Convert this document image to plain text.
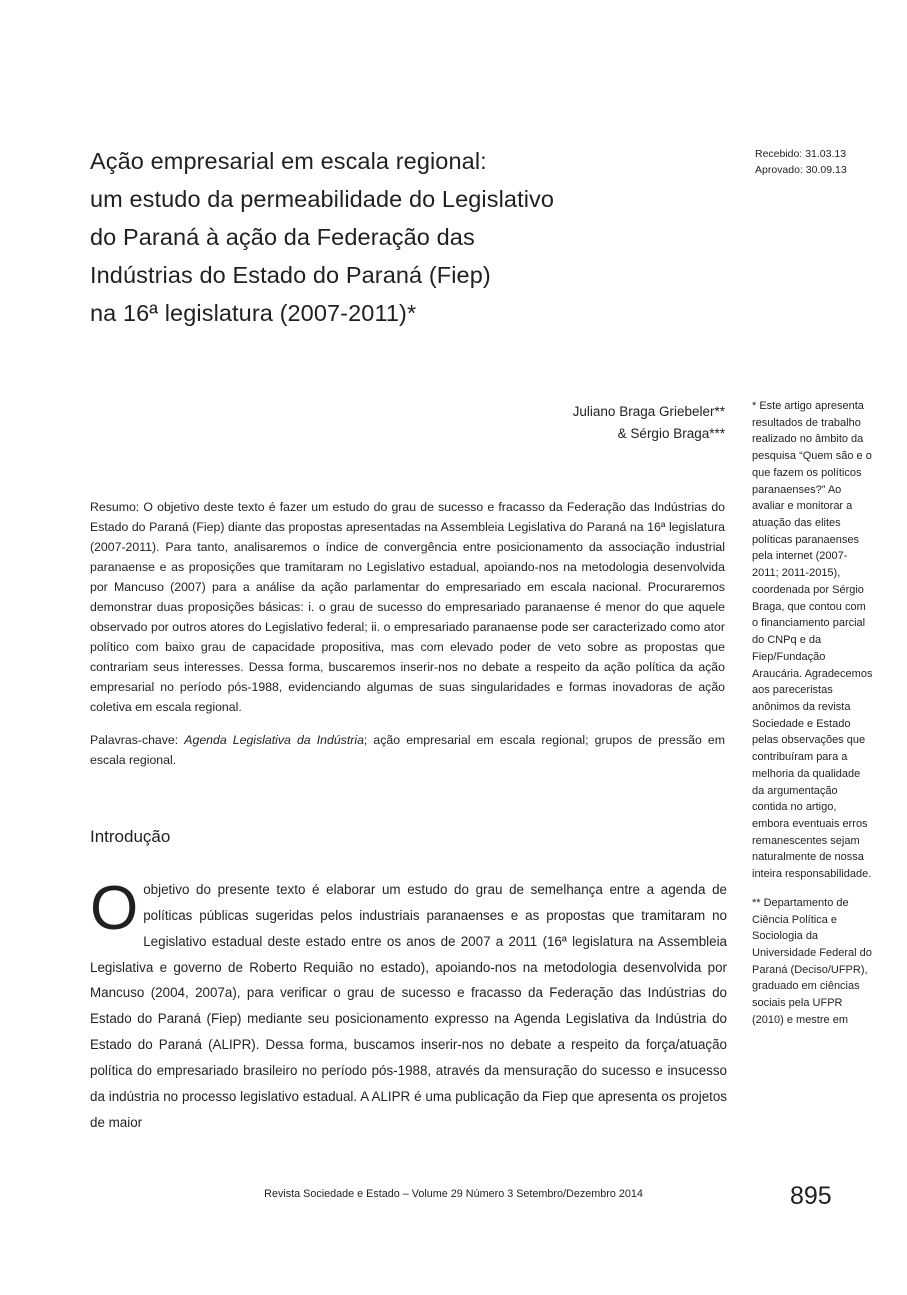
Recebido: 31.03.13
Aprovado: 30.09.13
Ação empresarial em escala regional:
um estudo da permeabilidade do Legislativo
do Paraná à ação da Federação das
Indústrias do Estado do Paraná (Fiep)
na 16ª legislatura (2007-2011)*
Juliano Braga Griebeler**
& Sérgio Braga***

Resumo: O objetivo deste texto é fazer um estudo do grau de sucesso e fracasso da Federação das Indústrias do Estado do Paraná (Fiep) diante das propostas apresentadas na Assembleia Legislativa do Paraná na 16ª legislatura (2007-2011). Para tanto, analisaremos o índice de convergência entre posicionamento da associação industrial paranaense e as proposições que tramitaram no Legislativo estadual, apoiando-nos na metodologia desenvolvida por Mancuso (2007) para a análise da ação parlamentar do empresariado em escala nacional. Procuraremos demonstrar duas proposições básicas: i. o grau de sucesso do empresariado paranaense é menor do que aquele observado por outros atores do Legislativo federal; ii. o empresariado paranaense pode ser caracterizado como ator político com baixo grau de capacidade propositiva, mas com elevado poder de veto sobre as propostas que contrariam seus interesses. Dessa forma, buscaremos inserir-nos no debate a respeito da ação política da ação empresarial no período pós-1988, evidenciando algumas de suas singularidades e formas inovadoras de ação coletiva em escala regional.

Palavras-chave: Agenda Legislativa da Indústria; ação empresarial em escala regional; grupos de pressão em escala regional.

Introdução
Oobjetivo do presente texto é elaborar um estudo do grau de semelhança entre a agenda de políticas públicas sugeridas pelos industriais paranaenses e as propostas que tramitaram no Legislativo estadual deste estado entre os anos de 2007 a 2011 (16ª legislatura na Assembleia Legislativa e governo de Roberto Requião no estado), apoiando-nos na metodologia desenvolvida por Mancuso (2004, 2007a), para verificar o grau de sucesso e fracasso da Federação das Indústrias do Estado do Paraná (Fiep) mediante seu posicionamento expresso na Agenda Legislativa da Indústria do Estado do Paraná (ALIPR). Dessa forma, buscamos inserir-nos no debate a respeito da força/atuação política do empresariado brasileiro no período pós-1988, através da mensuração do sucesso e insucesso da indústria no processo legislativo estadual. A ALIPR é uma publicação da Fiep que apresenta os projetos de maior

* Este artigo apresenta resultados de trabalho realizado no âmbito da pesquisa “Quem são e o que fazem os políticos paranaenses?” Ao avaliar e monitorar a atuação das elites políticas paranaenses pela internet (2007-2011; 2011-2015), coordenada por Sérgio Braga, que contou com o financiamento parcial do CNPq e da Fiep/Fundação Araucária. Agradecemos aos pareceristas anônimos da revista Sociedade e Estado pelas observações que contribuíram para a melhoria da qualidade da argumentação contida no artigo, embora eventuais erros remanescentes sejam naturalmente de nossa inteira responsabilidade.

** Departamento de Ciência Política e Sociologia da Universidade Federal do Paraná (Deciso/UFPR), graduado em ciências sociais pela UFPR (2010) e mestre em

Revista Sociedade e Estado – Volume 29 Número 3 Setembro/Dezembro 2014	895
